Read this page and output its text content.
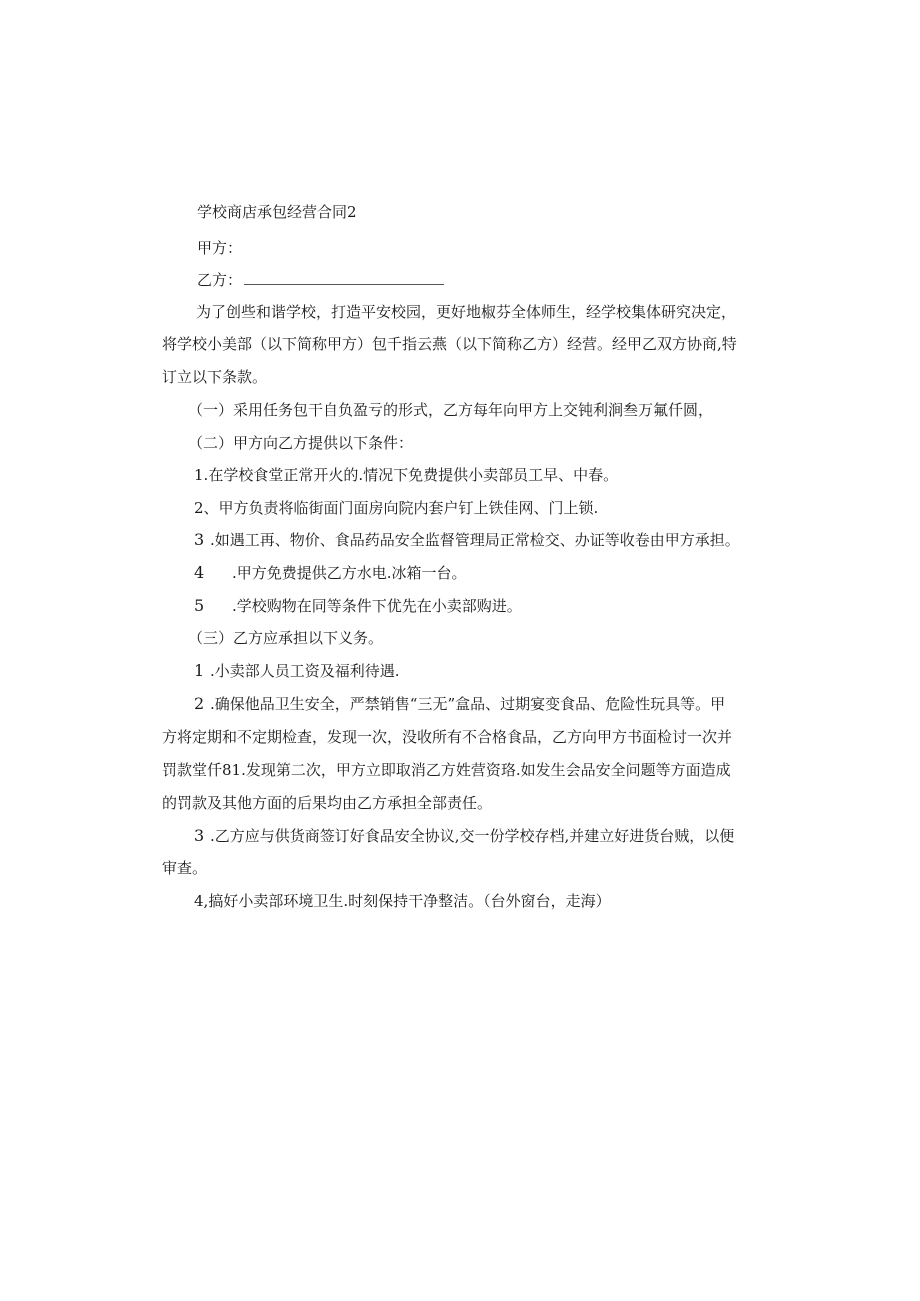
学校商店承包经营合同2
甲方：
乙方：
为了创些和谐学校，打造平安校园，更好地椒芬全体师生，经学校集体研究决定，
将学校小美部（以下简称甲方）包千指云燕（以下简称乙方）经营。经甲乙双方协商,特
订立以下条款。
（一）采用任务包干自负盈亏的形式，乙方每年向甲方上交钝利涧叁万氟仟圆，
（二）甲方向乙方提供以下条件：
1.在学校食堂正常开火的.情况下免费提供小卖部员工早、中春。
2、甲方负责将临街面门面房向院内套户钉上铁佳网、门上锁.
3 .如遇工再、物价、食品药品安全监督管理局正常检交、办证等收卷由甲方承担。
4 .甲方免费提供乙方水电.冰箱一台。
5 .学校购物在同等条件下优先在小卖部购进。
（三）乙方应承担以下义务。
1 .小卖部人员工资及福利待遇.
2 .确保他品卫生安全，严禁销售“三无”盒品、过期宴变食品、危险性玩具等。甲
方将定期和不定期检查，发现一次，没收所有不合格食品，乙方向甲方书面检讨一次并
罚款堂仟81.发现第二次，甲方立即取消乙方姓营资珞.如发生会品安全问题等方面造成
的罚款及其他方面的后果均由乙方承担全部责任。
3 .乙方应与供货商签订好食品安全协议,交一份学校存档,并建立好进货台贼，以便
审查。
4,搞好小卖部环境卫生.时刻保持干净整洁。（台外窗台，走海）
